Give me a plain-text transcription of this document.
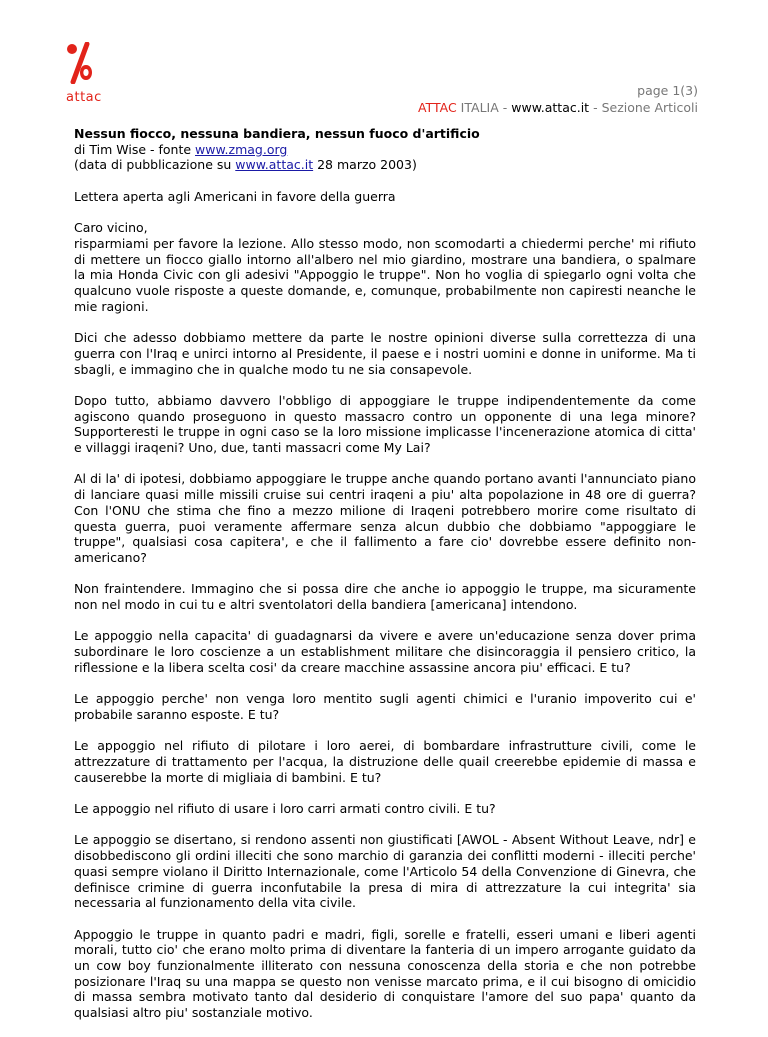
attac	page 1(3)
ATTAC ITALIA - www.attac.it - Sezione Articoli

Nessun fiocco, nessuna bandiera, nessun fuoco d'artificio
di Tim Wise - fonte www.zmag.org
(data di pubblicazione su www.attac.it 28 marzo 2003)

Lettera aperta agli Americani in favore della guerra

Caro vicino,
risparmiami per favore la lezione. Allo stesso modo, non scomodarti a chiedermi perche' mi rifiuto di mettere un fiocco giallo intorno all'albero nel mio giardino, mostrare una bandiera, o spalmare la mia Honda Civic con gli adesivi "Appoggio le truppe". Non ho voglia di spiegarlo ogni volta che qualcuno vuole risposte a queste domande, e, comunque, probabilmente non capiresti neanche le mie ragioni.

Dici che adesso dobbiamo mettere da parte le nostre opinioni diverse sulla correttezza di una guerra con l'Iraq e unirci intorno al Presidente, il paese e i nostri uomini e donne in uniforme. Ma ti sbagli, e immagino che in qualche modo tu ne sia consapevole.

Dopo tutto, abbiamo davvero l'obbligo di appoggiare le truppe indipendentemente da come agiscono quando proseguono in questo massacro contro un opponente di una lega minore? Supporteresti le truppe in ogni caso se la loro missione implicasse l'incenerazione atomica di citta' e villaggi iraqeni? Uno, due, tanti massacri come My Lai?

Al di la' di ipotesi, dobbiamo appoggiare le truppe anche quando portano avanti l'annunciato piano di lanciare quasi mille missili cruise sui centri iraqeni a piu' alta popolazione in 48 ore di guerra? Con l'ONU che stima che fino a mezzo milione di Iraqeni potrebbero morire come risultato di questa guerra, puoi veramente affermare senza alcun dubbio che dobbiamo "appoggiare le truppe", qualsiasi cosa capitera', e che il fallimento a fare cio' dovrebbe essere definito non-americano?

Non fraintendere. Immagino che si possa dire che anche io appoggio le truppe, ma sicuramente non nel modo in cui tu e altri sventolatori della bandiera [americana] intendono.

Le appoggio nella capacita' di guadagnarsi da vivere e avere un'educazione senza dover prima subordinare le loro coscienze a un establishment militare che disincoraggia il pensiero critico, la riflessione e la libera scelta cosi' da creare macchine assassine ancora piu' efficaci. E tu?

Le appoggio perche' non venga loro mentito sugli agenti chimici e l'uranio impoverito cui e' probabile saranno esposte. E tu?

Le appoggio nel rifiuto di pilotare i loro aerei, di bombardare infrastrutture civili, come le attrezzature di trattamento per l'acqua, la distruzione delle quail creerebbe epidemie di massa e causerebbe la morte di migliaia di bambini. E tu?

Le appoggio nel rifiuto di usare i loro carri armati contro civili. E tu?

Le appoggio se disertano, si rendono assenti non giustificati [AWOL - Absent Without Leave, ndr] e disobbediscono gli ordini illeciti che sono marchio di garanzia dei conflitti moderni - illeciti perche' quasi sempre violano il Diritto Internazionale, come l'Articolo 54 della Convenzione di Ginevra, che definisce crimine di guerra inconfutabile la presa di mira di attrezzature la cui integrita' sia necessaria al funzionamento della vita civile.

Appoggio le truppe in quanto padri e madri, figli, sorelle e fratelli, esseri umani e liberi agenti morali, tutto cio' che erano molto prima di diventare la fanteria di un impero arrogante guidato da un cow boy funzionalmente illiterato con nessuna conoscenza della storia e che non potrebbe posizionare l'Iraq su una mappa se questo non venisse marcato prima, e il cui bisogno di omicidio di massa sembra motivato tanto dal desiderio di conquistare l'amore del suo papa' quanto da qualsiasi altro piu' sostanziale motivo.
